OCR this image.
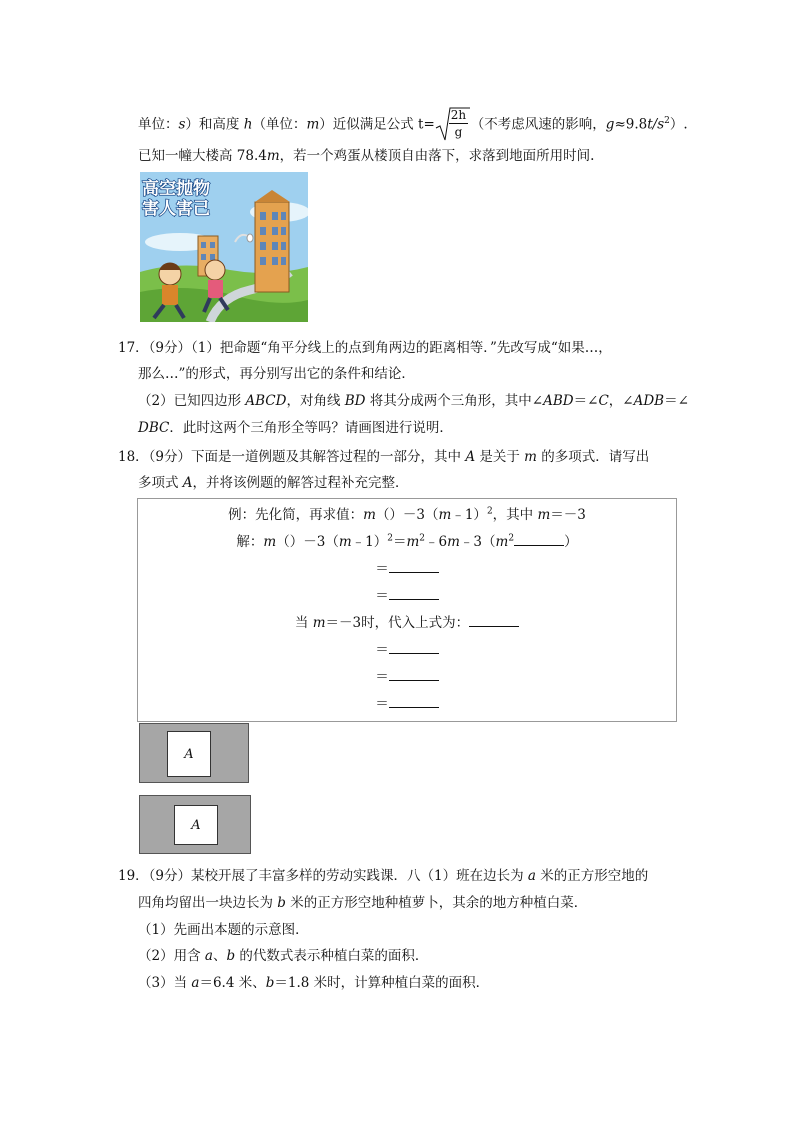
单位：s）和高度 h（单位：m）近似满足公式 $t= \frac{2h}{g}$ （不考虑风速的影响，$g\approx 9.8t/s^2$）.
已知一幢大楼高 78.4m，若一个鸡蛋从楼顶自由落下，求落到地面所用时间.
高空抛物
害人害己
17．（9分）（1）把命题“角平分线上的点到角两边的距离相等．”先改写成“如果…，
那么…”的形式，再分别写出它的条件和结论．
（2）已知四边形 ABCD，对角线 BD 将其分成两个三角形，其中∠ABD＝∠C，∠ADB＝∠
DBC．此时这两个三角形全等吗？请画图进行说明．
18．（9分）下面是一道例题及其解答过程的一部分，其中 A 是关于 m 的多项式．请写出
多项式 A，并将该例题的解答过程补充完整．
例：先化简，再求值：m（）－3（m﹣1）$^2$，其中 m＝－3
解：$m()-3(m﹣1)^2=m^2﹣6m﹣3(m^2$	）
＝
＝
当 m＝－3时，代入上式为：
＝
＝
＝
A
A
19．（9分）某校开展了丰富多样的劳动实践课．八（1）班在边长为 a 米的正方形空地的
四角均留出一块边长为 b 米的正方形空地种植萝卜，其余的地方种植白菜．
（1）先画出本题的示意图．
（2）用含 a、b 的代数式表示种植白菜的面积．
（3）当 a＝6.4 米、b＝1.8 米时，计算种植白菜的面积．
